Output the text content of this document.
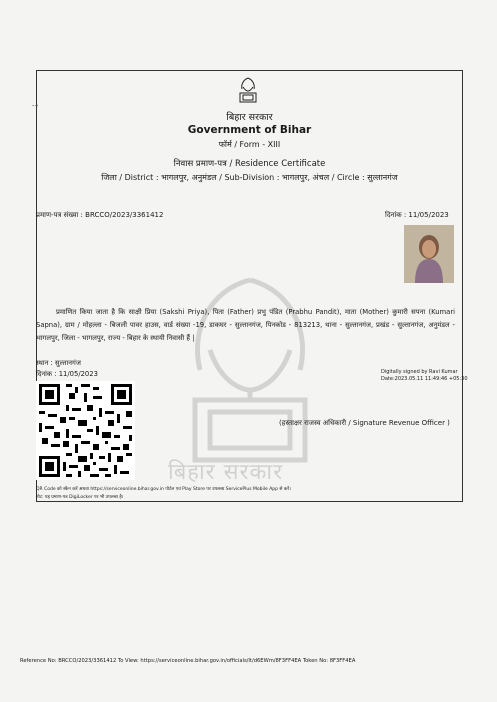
बिहार सरकार
-•
बिहार सरकार
Government of Bihar
फॉर्म / Form - XIII
निवास प्रमाण-पत्र / Residence Certificate
जिला / District : भागलपुर, अनुमंडल / Sub-Division : भागलपुर, अंचल / Circle : सुल्तानगंज
प्रमाण-पत्र संख्या : BRCCO/2023/3361412	दिनांक : 11/05/2023
प्रमाणित किया जाता है कि साक्षी प्रिया (Sakshi Priya), पिता (Father) प्रभु पंडित (Prabhu Pandit), माता (Mother) कुमारी सपना (Kumari Sapna), ग्राम / मोहल्ला - बिजली पावर हाउस, वार्ड संख्या -19, डाकघर - सुल्तानगंज, पिनकोड - 813213, थाना - सुल्तानगंज, प्रखंड - सुल्तानगंज, अनुमंडल - भागलपुर, जिला - भागलपुर, राज्य - बिहार के स्थायी निवासी हैं |
स्थान : सुल्तानगंज
दिनांक : 11/05/2023	Digitally signed by Ravi Kumar
Date:2023.05.11 11:49:46 +05:30
(हस्ताक्षर राजस्व अधिकारी / Signature Revenue Officer )
QR Code को स्कैन करें अथवा https://serviceonline.bihar.gov.in पोर्टल एवं Play Store पर उपलब्ध ServicePlus Mobile App से करें।
नोट: यह प्रमाण-पत्र DigiLocker पर भी उपलब्ध है।
Reference No: BRCCO/2023/3361412 To View: https://serviceonline.bihar.gov.in/officials/It/d6EWm/8F3FF4EA Token No: 8F3FF4EA
